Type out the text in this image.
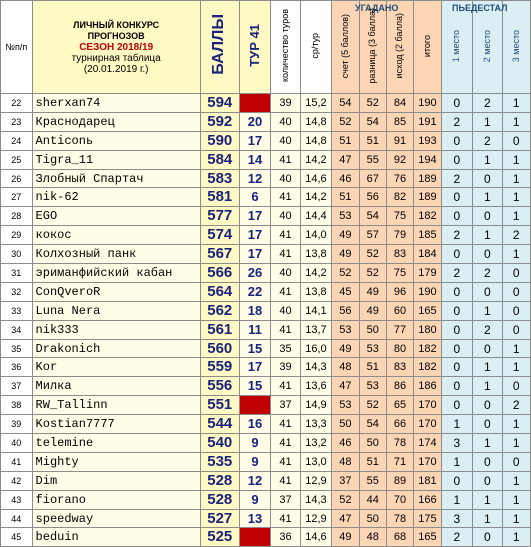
УГАДАНО	ПЬЕДЕСТАЛ
№п/п	ЛИЧНЫЙ КОНКУРС
ПРОГНОЗОВ
СЕЗОН 2018/19
турнирная таблица
(20.01.2019 г.)	БАЛЛЫ	ТУР 41	количество туров	ср/тур	счет (5 баллов)	разница (3 балла)	исход (2 балла)	итого	1 место	2 место	3 место
22	sherxan74	594		39	15,2	54	52	84	190	0	2	1
23	Краснодарец	592	20	40	14,8	52	54	85	191	2	1	1
24	Anticonь	590	17	40	14,8	51	51	91	193	0	2	0
25	Tigra_11	584	14	41	14,2	47	55	92	194	0	1	1
26	Злобный Спартач	583	12	40	14,6	46	67	76	189	2	0	1
27	nik-62	581	6	41	14,2	51	56	82	189	0	1	1
28	EGO	577	17	40	14,4	53	54	75	182	0	0	1
29	кокос	574	17	41	14,0	49	57	79	185	2	1	2
30	Колхозный панк	567	17	41	13,8	49	52	83	184	0	0	1
31	эриманфийский кабан	566	26	40	14,2	52	52	75	179	2	2	0
32	ConQveroR	564	22	41	13,8	45	49	96	190	0	0	0
33	Luna Nera	562	18	40	14,1	56	49	60	165	0	1	0
34	nik333	561	11	41	13,7	53	50	77	180	0	2	0
35	Drakonich	560	15	35	16,0	49	53	80	182	0	0	1
36	Kor	559	17	39	14,3	48	51	83	182	0	1	1
37	Милка	556	15	41	13,6	47	53	86	186	0	1	0
38	RW_Tallinn	551		37	14,9	53	52	65	170	0	0	2
39	Kostian7777	544	16	41	13,3	50	54	66	170	1	0	1
40	telemine	540	9	41	13,2	46	50	78	174	3	1	1
41	Mighty	535	9	41	13,0	48	51	71	170	1	0	0
42	Dim	528	12	41	12,9	37	55	89	181	0	0	1
43	fiorano	528	9	37	14,3	52	44	70	166	1	1	1
44	speedway	527	13	41	12,9	47	50	78	175	3	1	1
45	beduin	525		36	14,6	49	48	68	165	2	0	1
